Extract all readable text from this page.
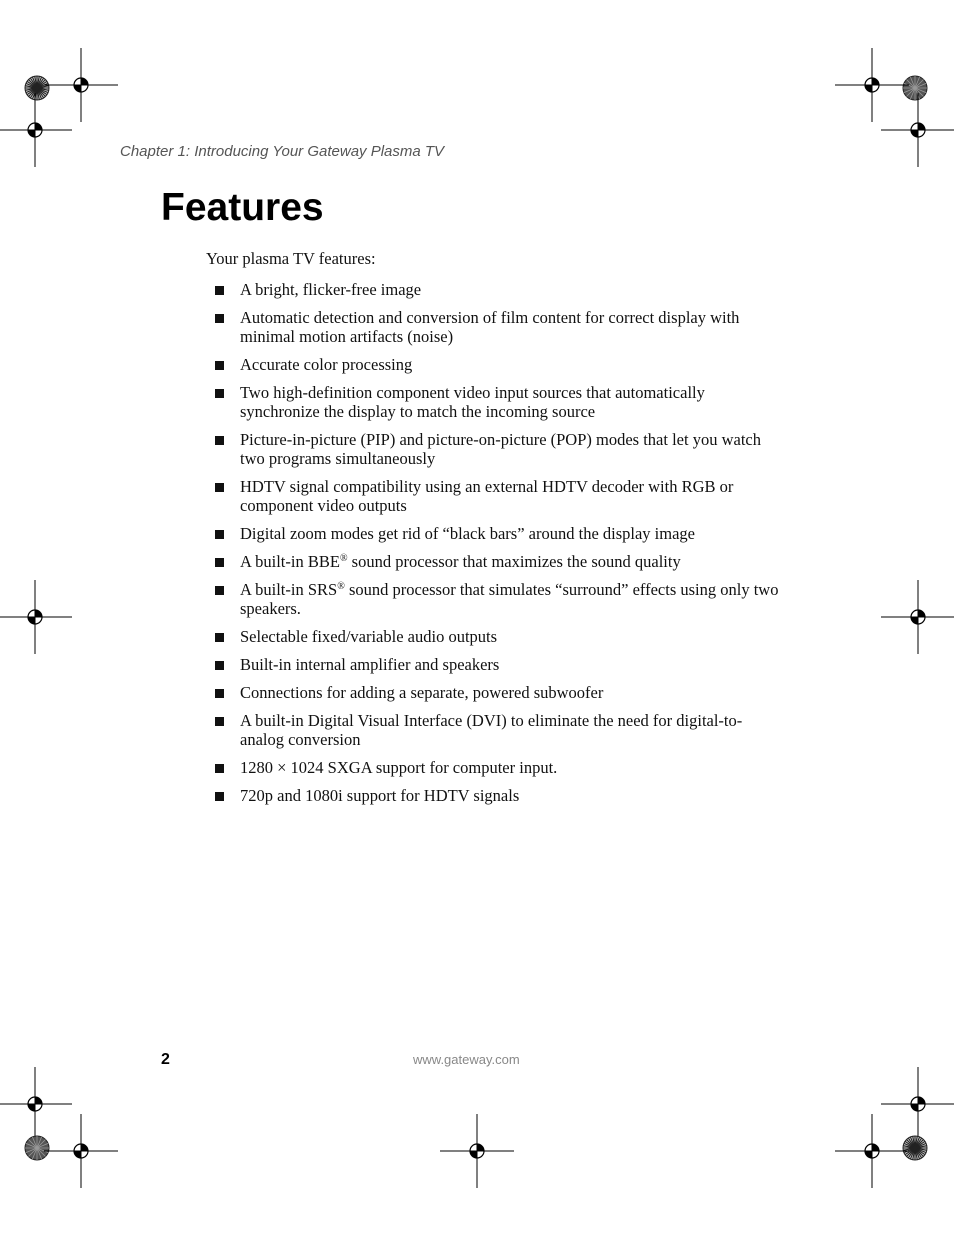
Chapter 1: Introducing Your Gateway Plasma TV
Features
Your plasma TV features:
A bright, flicker-free image
Automatic detection and conversion of film content for correct display with minimal motion artifacts (noise)
Accurate color processing
Two high-definition component video input sources that automatically synchronize the display to match the incoming source
Picture-in-picture (PIP) and picture-on-picture (POP) modes that let you watch two programs simultaneously
HDTV signal compatibility using an external HDTV decoder with RGB or component video outputs
Digital zoom modes get rid of “black bars” around the display image
A built-in BBE® sound processor that maximizes the sound quality
A built-in SRS® sound processor that simulates “surround” effects using only two speakers.
Selectable fixed/variable audio outputs
Built-in internal amplifier and speakers
Connections for adding a separate, powered subwoofer
A built-in Digital Visual Interface (DVI) to eliminate the need for digital-to-analog conversion
1280 × 1024 SXGA support for computer input.
720p and 1080i support for HDTV signals
2	www.gateway.com
